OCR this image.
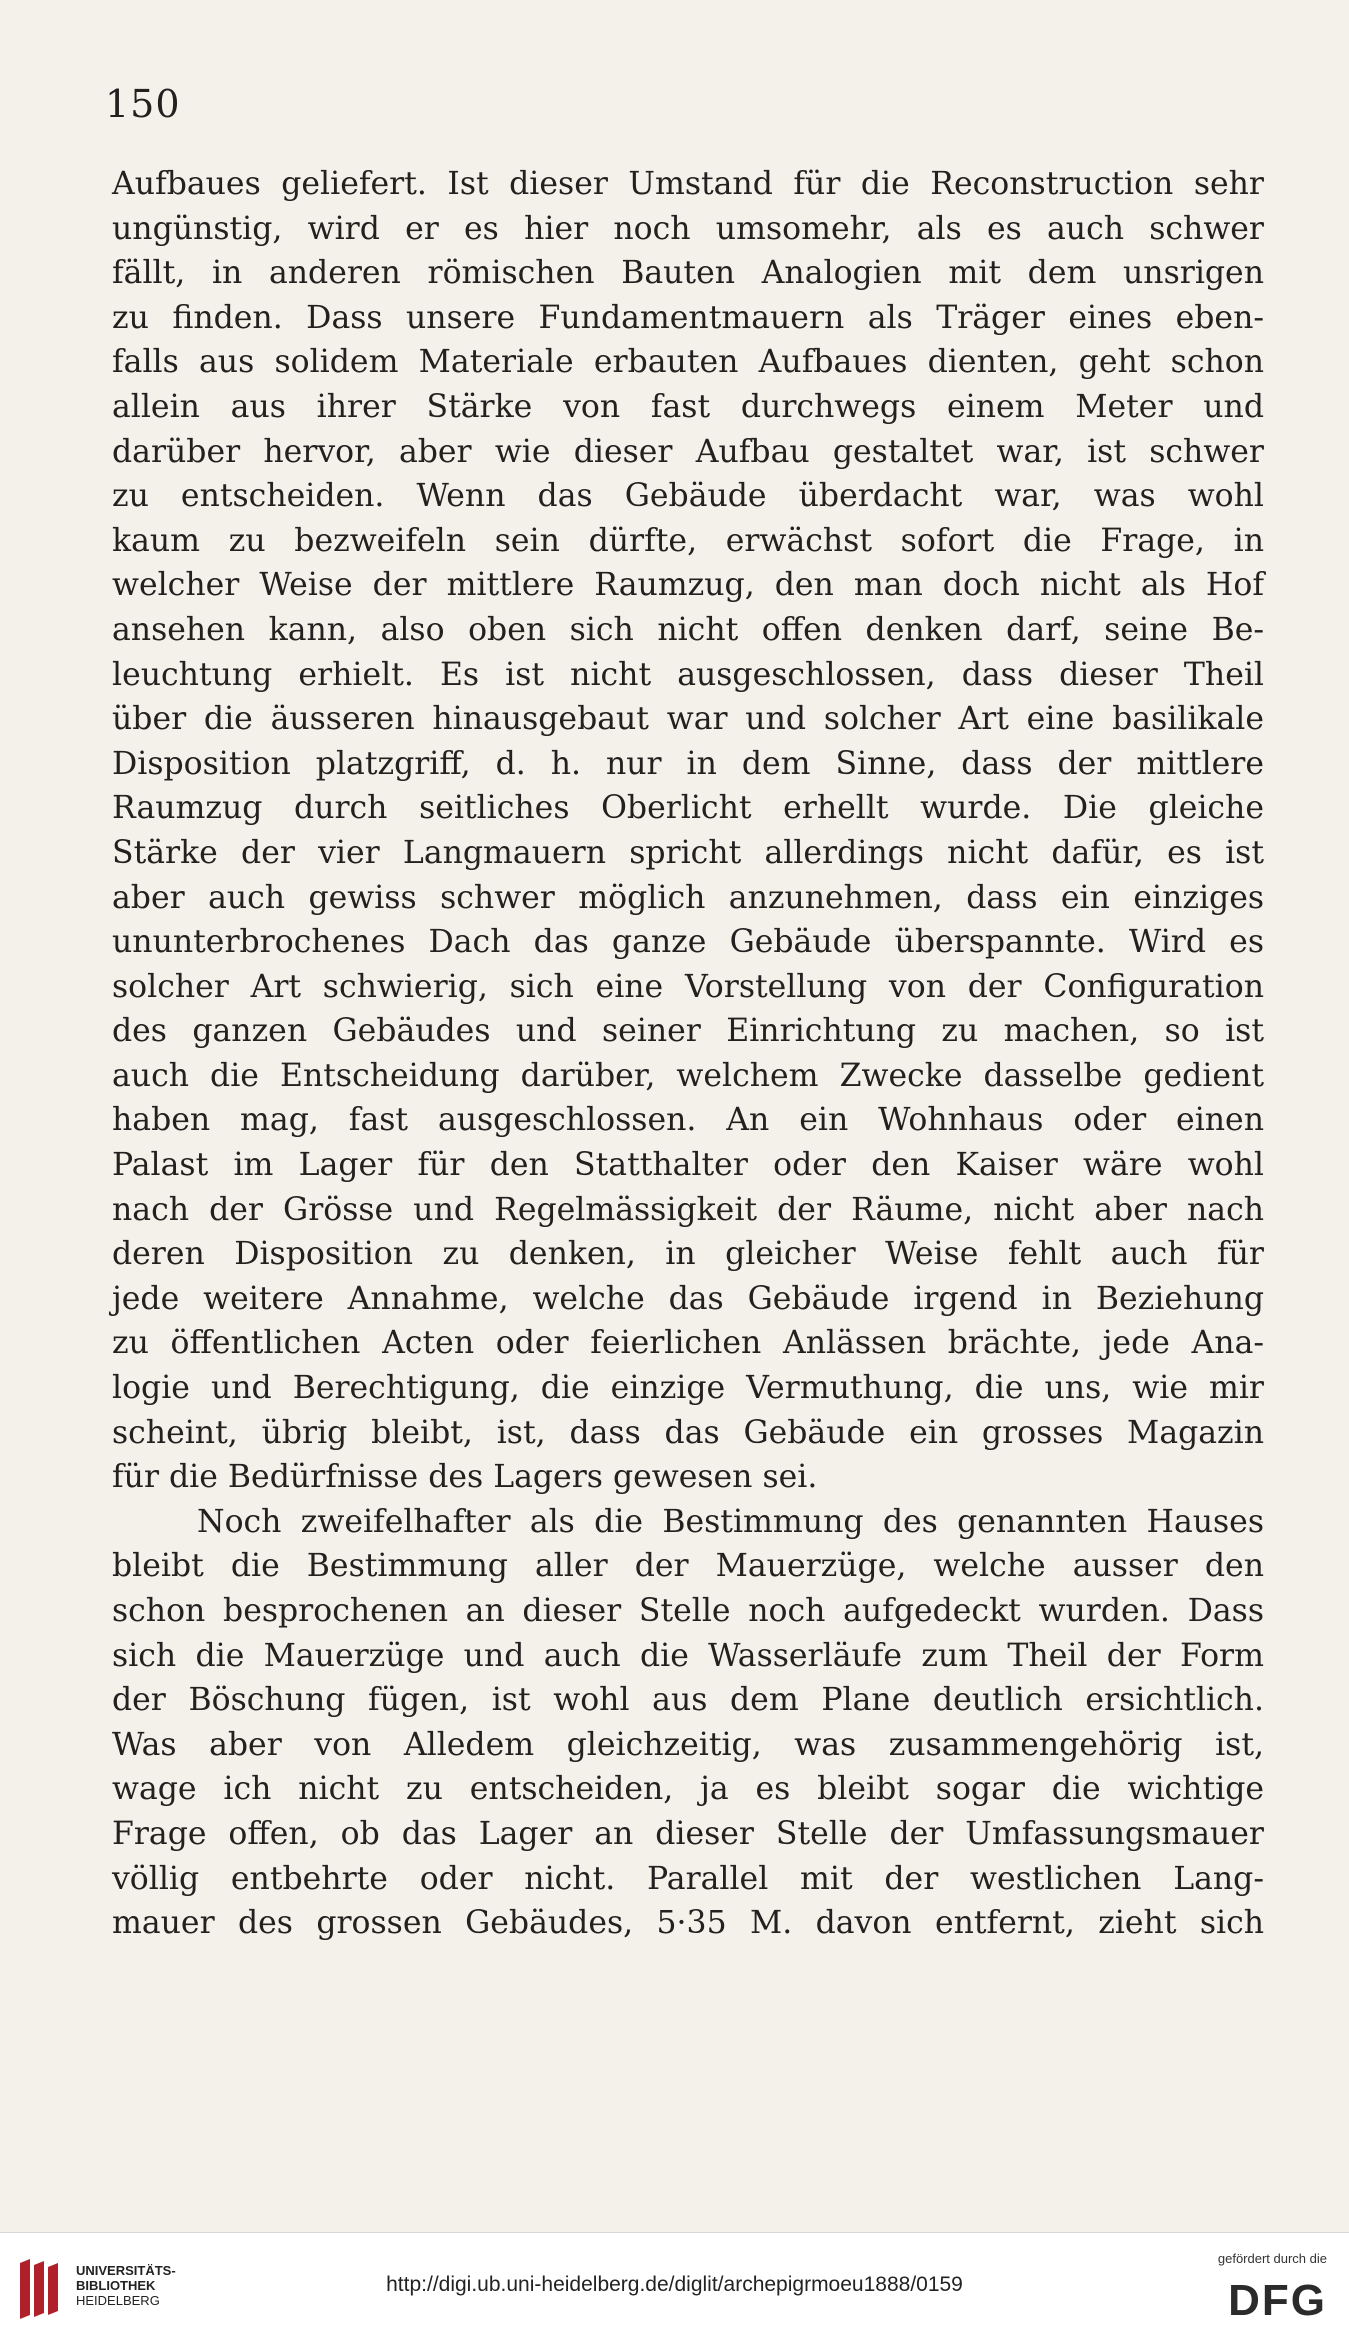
150
Aufbaues geliefert. Ist dieser Umstand für die Reconstruction sehr
ungünstig, wird er es hier noch umsomehr, als es auch schwer
fällt, in anderen römischen Bauten Analogien mit dem unsrigen
zu finden. Dass unsere Fundamentmauern als Träger eines eben-
falls aus solidem Materiale erbauten Aufbaues dienten, geht schon
allein aus ihrer Stärke von fast durchwegs einem Meter und
darüber hervor, aber wie dieser Aufbau gestaltet war, ist schwer
zu entscheiden. Wenn das Gebäude überdacht war, was wohl
kaum zu bezweifeln sein dürfte, erwächst sofort die Frage, in
welcher Weise der mittlere Raumzug, den man doch nicht als Hof
ansehen kann, also oben sich nicht offen denken darf, seine Be-
leuchtung erhielt. Es ist nicht ausgeschlossen, dass dieser Theil
über die äusseren hinausgebaut war und solcher Art eine basilikale
Disposition platzgriff, d. h. nur in dem Sinne, dass der mittlere
Raumzug durch seitliches Oberlicht erhellt wurde. Die gleiche
Stärke der vier Langmauern spricht allerdings nicht dafür, es ist
aber auch gewiss schwer möglich anzunehmen, dass ein einziges
ununterbrochenes Dach das ganze Gebäude überspannte. Wird es
solcher Art schwierig, sich eine Vorstellung von der Configuration
des ganzen Gebäudes und seiner Einrichtung zu machen, so ist
auch die Entscheidung darüber, welchem Zwecke dasselbe gedient
haben mag, fast ausgeschlossen. An ein Wohnhaus oder einen
Palast im Lager für den Statthalter oder den Kaiser wäre wohl
nach der Grösse und Regelmässigkeit der Räume, nicht aber nach
deren Disposition zu denken, in gleicher Weise fehlt auch für
jede weitere Annahme, welche das Gebäude irgend in Beziehung
zu öffentlichen Acten oder feierlichen Anlässen brächte, jede Ana-
logie und Berechtigung, die einzige Vermuthung, die uns, wie mir
scheint, übrig bleibt, ist, dass das Gebäude ein grosses Magazin
für die Bedürfnisse des Lagers gewesen sei.
Noch zweifelhafter als die Bestimmung des genannten Hauses
bleibt die Bestimmung aller der Mauerzüge, welche ausser den
schon besprochenen an dieser Stelle noch aufgedeckt wurden. Dass
sich die Mauerzüge und auch die Wasserläufe zum Theil der Form
der Böschung fügen, ist wohl aus dem Plane deutlich ersichtlich.
Was aber von Alledem gleichzeitig, was zusammengehörig ist,
wage ich nicht zu entscheiden, ja es bleibt sogar die wichtige
Frage offen, ob das Lager an dieser Stelle der Umfassungsmauer
völlig entbehrte oder nicht. Parallel mit der westlichen Lang-
mauer des grossen Gebäudes, 5·35 M. davon entfernt, zieht sich
UNIVERSITÄTS-
BIBLIOTHEK
HEIDELBERG
http://digi.ub.uni-heidelberg.de/diglit/archepigrmoeu1888/0159
gefördert durch die
DFG
